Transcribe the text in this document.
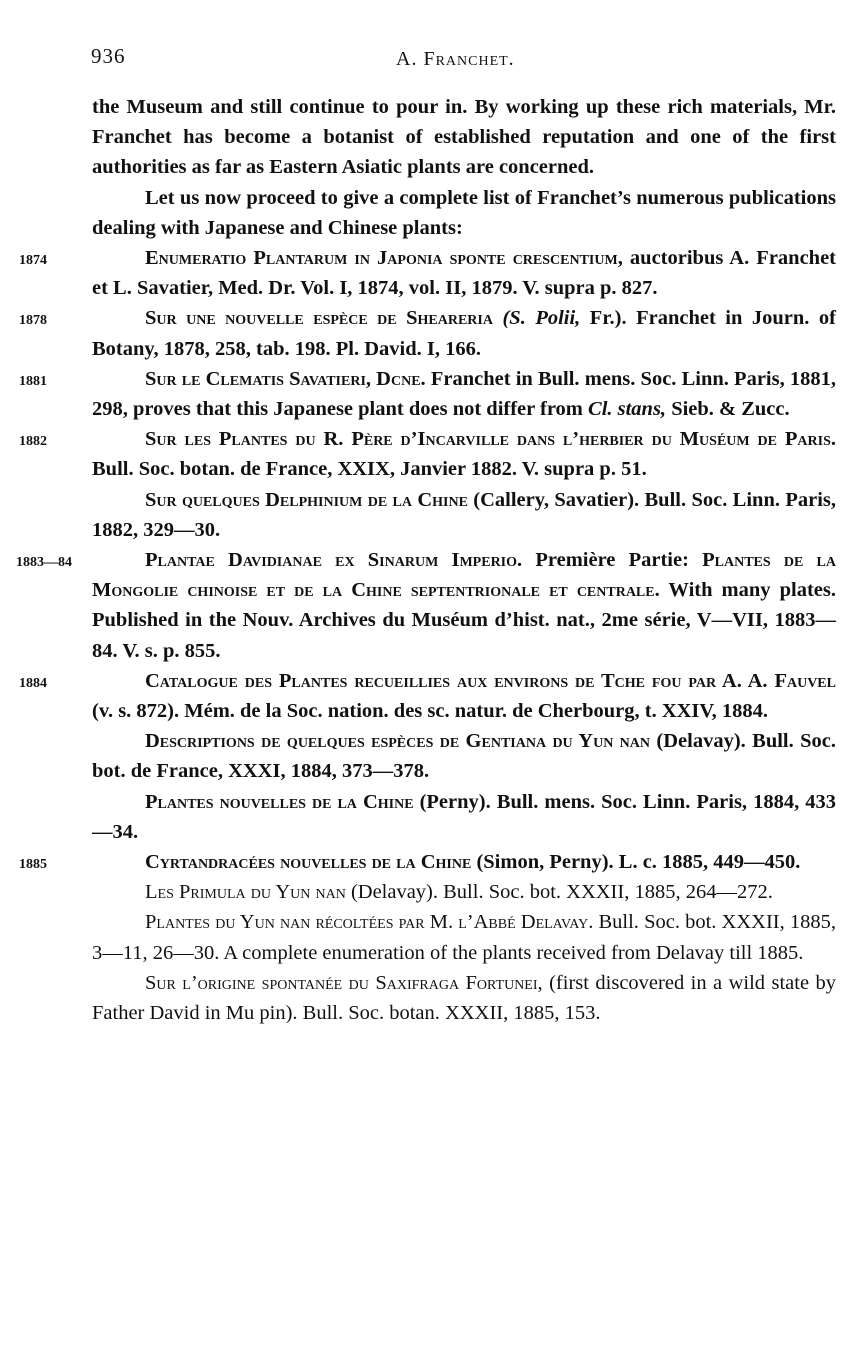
936	A. Franchet.

the Museum and still continue to pour in. By working up these rich materials, Mr. Franchet has become a botanist of established reputation and one of the first authorities as far as Eastern Asiatic plants are concerned.

Let us now proceed to give a complete list of Franchet’s numerous publications dealing with Japanese and Chinese plants:

1874	Enumeratio Plantarum in Japonia sponte crescentium, auctoribus A. Franchet et L. Savatier, Med. Dr. Vol. I, 1874, vol. II, 1879. V. supra p. 827.

1878	Sur une nouvelle espèce de Sheareria (S. Polii, Fr.). Franchet in Journ. of Botany, 1878, 258, tab. 198. Pl. David. I, 166.

1881	Sur le Clematis Savatieri, Dcne. Franchet in Bull. mens. Soc. Linn. Paris, 1881, 298, proves that this Japanese plant does not differ from Cl. stans, Sieb. & Zucc.

1882	Sur les Plantes du R. Père d’Incarville dans l’herbier du Muséum de Paris. Bull. Soc. botan. de France, XXIX, Janvier 1882. V. supra p. 51.

Sur quelques Delphinium de la Chine (Callery, Savatier). Bull. Soc. Linn. Paris, 1882, 329—30.

1883—84	Plantae Davidianae ex Sinarum Imperio. Première Partie: Plantes de la Mongolie chinoise et de la Chine septentrionale et centrale. With many plates. Published in the Nouv. Archives du Muséum d’hist. nat., 2me série, V—VII, 1883—84. V. s. p. 855.

1884	Catalogue des Plantes recueillies aux environs de Tche fou par A. A. Fauvel (v. s. 872). Mém. de la Soc. nation. des sc. natur. de Cherbourg, t. XXIV, 1884.

Descriptions de quelques espèces de Gentiana du Yun nan (Delavay). Bull. Soc. bot. de France, XXXI, 1884, 373—378.

Plantes nouvelles de la Chine (Perny). Bull. mens. Soc. Linn. Paris, 1884, 433—34.

1885	Cyrtandracées nouvelles de la Chine (Simon, Perny). L. c. 1885, 449—450.

Les Primula du Yun nan (Delavay). Bull. Soc. bot. XXXII, 1885, 264—272.

Plantes du Yun nan récoltées par M. l’Abbé Delavay. Bull. Soc. bot. XXXII, 1885, 3—11, 26—30. A complete enumeration of the plants received from Delavay till 1885.

Sur l’origine spontanée du Saxifraga Fortunei, (first discovered in a wild state by Father David in Mu pin). Bull. Soc. botan. XXXII, 1885, 153.
